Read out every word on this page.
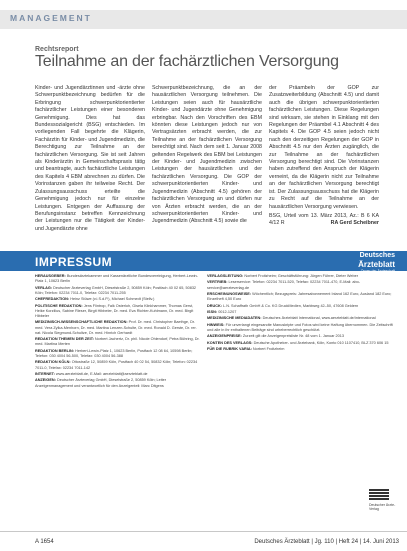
MANAGEMENT
Rechtsreport
Teilnahme an der fachärztlichen Versorgung

Kinder- und Jugendärztinnen und -ärzte ohne Schwerpunktbezeichnung bedürfen für die Erbringung schwerpunktorientierter fachärztlicher Leistungen einer besonderen Genehmigung. Dies hat das Bundessozialgericht (BSG) entschieden. Im vorliegenden Fall begehrte die Klägerin, Fachärztin für Kinder- und Jugendmedizin, die Berechtigung zur Teilnahme an der fachärztlichen Versorgung. Sie ist seit Jahren als Kinderärztin in Gemeinschaftspraxis tätig und beantragte, auch fachärztliche Leistungen des Kapitels 4 EBM abrechnen zu dürfen. Die Vorinstanzen gaben ihr teilweise Recht. Der Zulassungsausschuss erteilte die Genehmigung jedoch nur für einzelne Leistungen. Entgegen der Auffassung der Berufungsinstanz betreffen Kennzeichnung der Leistungen nur die Tätigkeit der Kinder- und Jugendärzte ohne

Schwerpunktbezeichnung, die an der hausärztlichen Versorgung teilnehmen. Die Leistungen seien auch für hausärztliche Kinder- und Jugendärzte ohne Genehmigung erbringbar. Nach den Vorschriften des EBM könnten diese Leistungen jedoch nur von Vertragsärzten erbracht werden, die zur Teilnahme an der fachärztlichen Versorgung berechtigt sind. Nach dem seit 1. Januar 2008 geltenden Regelwerk des EBM bei Leistungen der Kinder- und Jugendmedizin zwischen Leistungen der hausärztlichen und der fachärztlichen Versorgung. Die GOP der schwerpunktorientierten Kinder- und Jugendmedizin (Abschnitt 4.5) gehören der fachärztlichen Versorgung an und dürfen nur von Ärzten erbracht werden, die an der schwerpunktorientierten Kinder- und Jugendmedizin (Abschnitt 4.5) sowie die

der Präambeln der GOP zur Zusatzweiterbildung (Abschnitt 4.5) und damit auch die übrigen schwerpunktorientierten fachärztlichen Leistungen. Diese Regelungen sind wirksam, sie stehen in Einklang mit den Regelungen der Präambel 4.1 Abschnitt 4 des Kapitels 4. Die GOP 4.5 seien jedoch nicht nach den derzeitigen Regelungen der GOP in Abschnitt 4.5 nur den Ärzten zugänglich, die zur Teilnahme an der fachärztlichen Versorgung berechtigt sind. Die Vorinstanzen haben zutreffend den Anspruch der Klägerin verneint, da die Klägerin nicht zur Teilnahme an der fachärztlichen Versorgung berechtigt ist. Der Zulassungsausschuss hat die Klägerin zu Recht auf die Teilnahme an der hausärztlichen Versorgung verwiesen.

BSG, Urteil vom 13. März 2013, Az.: B 6 KA 4/12 R	RA Gerd Scheibner
IMPRESSUM	Deutsches
Ärzteblatt
Organ der Ärzteschaft

HERAUSGEBER: Bundesärztekammer und Kassenärztliche Bundesvereinigung, Herbert-Lewin-Platz 1, 10623 Berlin

VERLAG: Deutscher Ärzteverlag GmbH, Dieselstraße 2, 50859 Köln; Postfach 40 02 65, 50832 Köln; Telefon: 02234 7011-0, Telefax: 02234 7011-255

CHEFREDAKTION: Heinz Stüwe (v.i.S.d.P.), Michael Schmedt (Stellv.)

POLITISCHE REDAKTION: Jens Flintrop, Falk Osterloh, Gisela Klinkhammer, Thomas Gerst, Heike Korzilius, Sabine Rieser, Birgit Hibbeler, Dr. med. Eva Richter-Kuhlmann, Dr. med. Birgit Hibbeler

MEDIZINISCH-WISSENSCHAFTLICHE REDAKTION: Prof. Dr. med. Christopher Baethge, Dr. med. Vera Zylka-Menhorn, Dr. med. Martina Lenzen-Schulte, Dr. med. Ronald D. Gerste, Dr. rer. nat. Nicola Siegmund-Schultze, Dr. med. Hinrich Gerhardt

REDAKTION THEMEN DER ZEIT: Norbert Jachertz, Dr. phil. Nicole Ohlendorf, Petra Bühring, Dr. med. Martina Merten

REDAKTION BERLIN: Herbert-Lewin-Platz 1, 10623 Berlin, Postfach 12 08 64, 10598 Berlin; Telefon: 030 4004 56-500, Telefax: 030 4004 56-388

REDAKTION KÖLN: Ottostraße 12, 50859 Köln, Postfach 40 02 54, 50832 Köln; Telefon: 02234 7011-0, Telefax: 02234 7011-142

INTERNET: www.aerzteblatt.de, E-Mail: aerzteblatt@aerzteblatt.de

ANZEIGEN: Deutscher Ärzteverlag GmbH, Dieselstraße 2, 50859 Köln; Leiter Anzeigenmanagement und verantwortlich für den Anzeigenteil: Marc Ditgens

VERLAGSLEITUNG: Norbert Froitzheim; Geschäftsführung: Jürgen Führer, Dieter Weber

VERTRIEB: Leserservice: Telefon: 02234 7011-520, Telefax: 02234 7011-470, E-Mail: abo-service@aerzteverlag.de

ERSCHEINUNGSWEISE: Wöchentlich; Bezugspreis: Jahresabonnement Inland 162 Euro, Ausland 182 Euro; Einzelheft 4,50 Euro

DRUCK: L.N. Schaffrath GmbH & Co. KG DruckMedien, Marktweg 42–50, 47608 Geldern

ISSN: 0012-1207

MEDIZINISCHE MEDIADATEN: Deutsches Ärzteblatt International, www.aerzteblatt.de/international

HINWEIS: Für unverlangt eingesandte Manuskripte und Fotos wird keine Haftung übernommen. Die Zeitschrift und alle in ihr enthaltenen Beiträge sind urheberrechtlich geschützt.

ANZEIGENPREISE: Zurzeit gilt die Anzeigenpreisliste Nr. 48 vom 1. Januar 2013

KONTEN DES VERLAGS: Deutsche Apotheker- und Ärztebank, Köln, Konto 010 1107410, BLZ 370 606 15

FÜR DIE RUBRIK VARIA: Norbert Froitzheim

Deutscher Ärzte-Verlag
A 1654	Deutsches Ärzteblatt | Jg. 110 | Heft 24 | 14. Juni 2013
